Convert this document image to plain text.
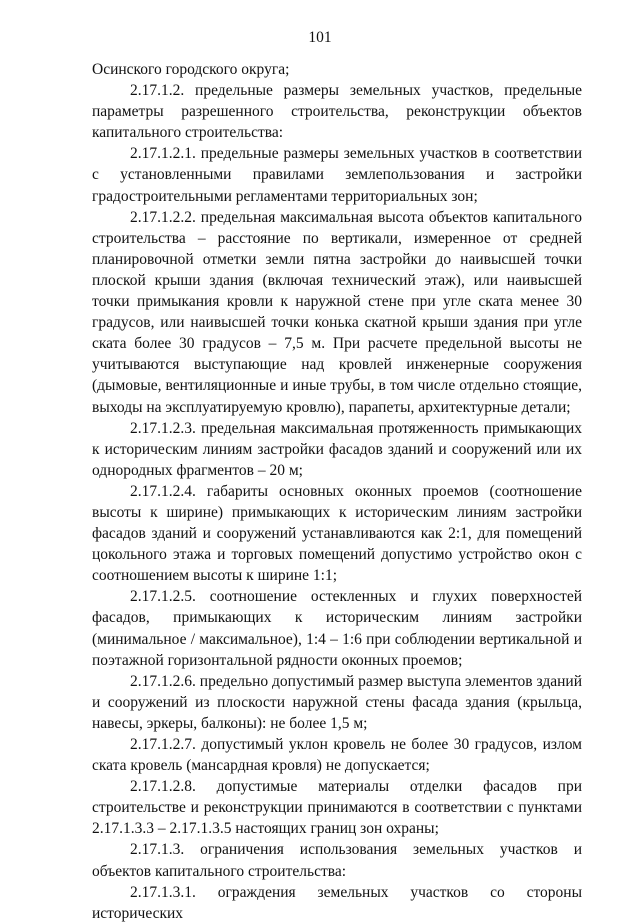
101

Осинского городского округа;

2.17.1.2. предельные размеры земельных участков, предельные параметры разрешенного строительства, реконструкции объектов капитального строительства:

2.17.1.2.1. предельные размеры земельных участков в соответствии с установленными правилами землепользования и застройки градостроительными регламентами территориальных зон;

2.17.1.2.2. предельная максимальная высота объектов капитального строительства – расстояние по вертикали, измеренное от средней планировочной отметки земли пятна застройки до наивысшей точки плоской крыши здания (включая технический этаж), или наивысшей точки примыкания кровли к наружной стене при угле ската менее 30 градусов, или наивысшей точки конька скатной крыши здания при угле ската более 30 градусов – 7,5 м. При расчете предельной высоты не учитываются выступающие над кровлей инженерные сооружения (дымовые, вентиляционные и иные трубы, в том числе отдельно стоящие, выходы на эксплуатируемую кровлю), парапеты, архитектурные детали;

2.17.1.2.3. предельная максимальная протяженность примыкающих к историческим линиям застройки фасадов зданий и сооружений или их однородных фрагментов – 20 м;

2.17.1.2.4. габариты основных оконных проемов (соотношение высоты к ширине) примыкающих к историческим линиям застройки фасадов зданий и сооружений устанавливаются как 2:1, для помещений цокольного этажа и торговых помещений допустимо устройство окон с соотношением высоты к ширине 1:1;

2.17.1.2.5. соотношение остекленных и глухих поверхностей фасадов, примыкающих к историческим линиям застройки (минимальное / максимальное), 1:4 – 1:6 при соблюдении вертикальной и поэтажной горизонтальной рядности оконных проемов;

2.17.1.2.6. предельно допустимый размер выступа элементов зданий и сооружений из плоскости наружной стены фасада здания (крыльца, навесы, эркеры, балконы): не более 1,5 м;

2.17.1.2.7. допустимый уклон кровель не более 30 градусов, излом ската кровель (мансардная кровля) не допускается;

2.17.1.2.8. допустимые материалы отделки фасадов при строительстве и реконструкции принимаются в соответствии с пунктами 2.17.1.3.3 – 2.17.1.3.5 настоящих границ зон охраны;

2.17.1.3. ограничения использования земельных участков и объектов капитального строительства:

2.17.1.3.1. ограждения земельных участков со стороны исторических
